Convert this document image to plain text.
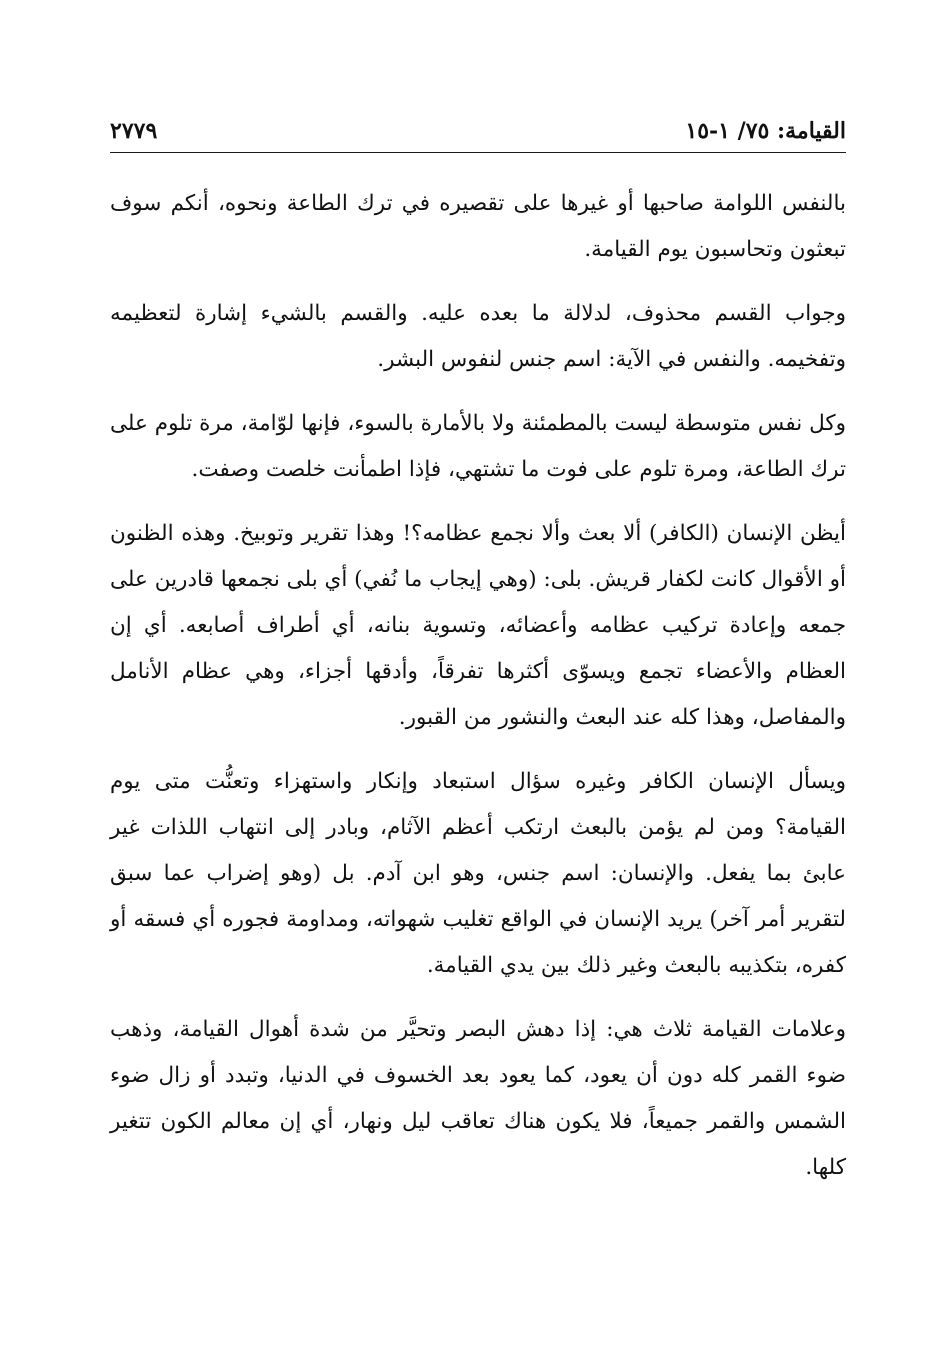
القيامة: ٧٥/ ١-١٥
٢٧٧٩

بالنفس اللوامة صاحبها أو غيرها على تقصيره في ترك الطاعة ونحوه، أنكم سوف تبعثون وتحاسبون يوم القيامة.

وجواب القسم محذوف، لدلالة ما بعده عليه. والقسم بالشيء إشارة لتعظيمه وتفخيمه. والنفس في الآية: اسم جنس لنفوس البشر.

وكل نفس متوسطة ليست بالمطمئنة ولا بالأمارة بالسوء، فإنها لوّامة، مرة تلوم على ترك الطاعة، ومرة تلوم على فوت ما تشتهي، فإذا اطمأنت خلصت وصفت.

أيظن الإنسان (الكافر) ألا بعث وألا نجمع عظامه؟! وهذا تقرير وتوبيخ. وهذه الظنون أو الأقوال كانت لكفار قريش. بلى: (وهي إيجاب ما نُفي) أي بلى نجمعها قادرين على جمعه وإعادة تركيب عظامه وأعضائه، وتسوية بنانه، أي أطراف أصابعه. أي إن العظام والأعضاء تجمع ويسوّى أكثرها تفرقاً، وأدقها أجزاء، وهي عظام الأنامل والمفاصل، وهذا كله عند البعث والنشور من القبور.

ويسأل الإنسان الكافر وغيره سؤال استبعاد وإنكار واستهزاء وتعنُّت متى يوم القيامة؟ ومن لم يؤمن بالبعث ارتكب أعظم الآثام، وبادر إلى انتهاب اللذات غير عابئ بما يفعل. والإنسان: اسم جنس، وهو ابن آدم. بل (وهو إضراب عما سبق لتقرير أمر آخر) يريد الإنسان في الواقع تغليب شهواته، ومداومة فجوره أي فسقه أو كفره، بتكذيبه بالبعث وغير ذلك بين يدي القيامة.

وعلامات القيامة ثلاث هي: إذا دهش البصر وتحيَّر من شدة أهوال القيامة، وذهب ضوء القمر كله دون أن يعود، كما يعود بعد الخسوف في الدنيا، وتبدد أو زال ضوء الشمس والقمر جميعاً، فلا يكون هناك تعاقب ليل ونهار، أي إن معالم الكون تتغير كلها.
